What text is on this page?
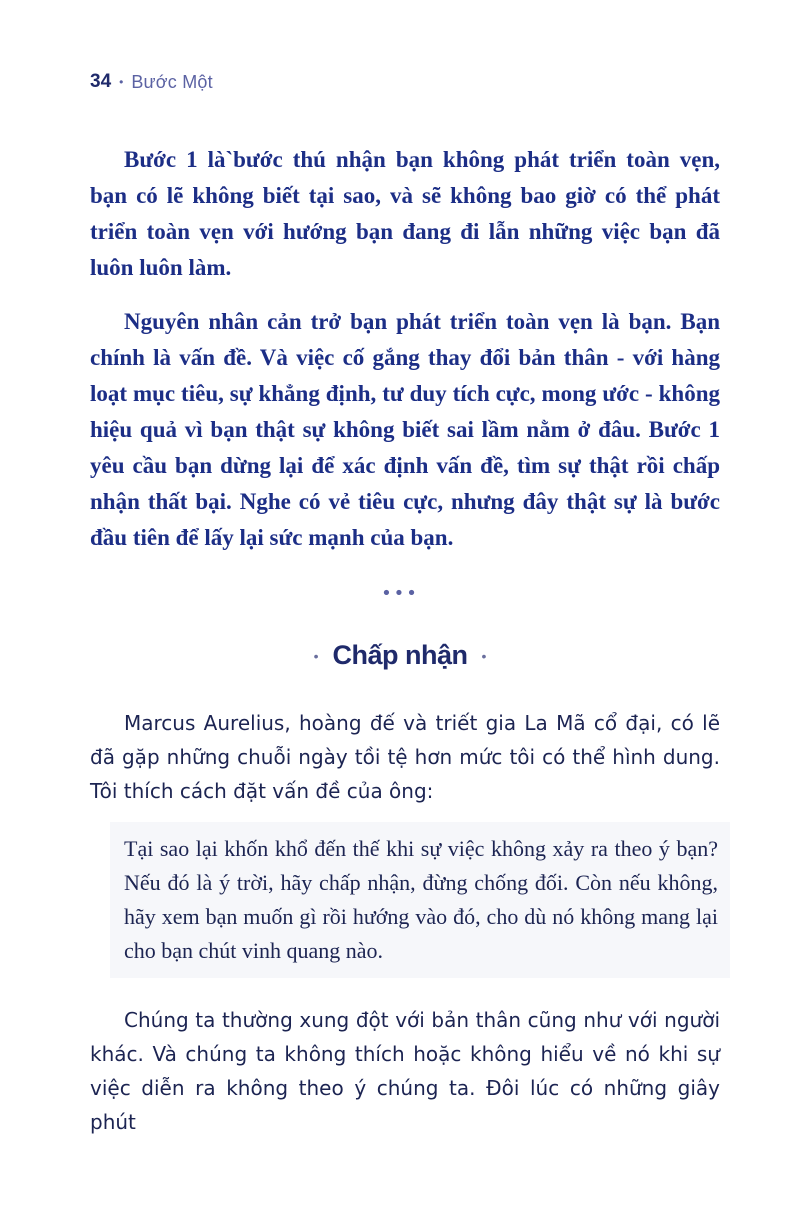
34 • Bước Một

Bước 1 là`bước thú nhận bạn không phát triển toàn vẹn, bạn có lẽ không biết tại sao, và sẽ không bao giờ có thể phát triển toàn vẹn với hướng bạn đang đi lẫn những việc bạn đã luôn luôn làm.

Nguyên nhân cản trở bạn phát triển toàn vẹn là bạn. Bạn chính là vấn đề. Và việc cố gắng thay đổi bản thân - với hàng loạt mục tiêu, sự khẳng định, tư duy tích cực, mong ước - không hiệu quả vì bạn thật sự không biết sai lầm nằm ở đâu. Bước 1 yêu cầu bạn dừng lại để xác định vấn đề, tìm sự thật rồi chấp nhận thất bại. Nghe có vẻ tiêu cực, nhưng đây thật sự là bước đầu tiên để lấy lại sức mạnh của bạn.

•••
• Chấp nhận •

Marcus Aurelius, hoàng đế và triết gia La Mã cổ đại, có lẽ đã gặp những chuỗi ngày tồi tệ hơn mức tôi có thể hình dung. Tôi thích cách đặt vấn đề của ông:

Tại sao lại khốn khổ đến thế khi sự việc không xảy ra theo ý bạn? Nếu đó là ý trời, hãy chấp nhận, đừng chống đối. Còn nếu không, hãy xem bạn muốn gì rồi hướng vào đó, cho dù nó không mang lại cho bạn chút vinh quang nào.

Chúng ta thường xung đột với bản thân cũng như với người khác. Và chúng ta không thích hoặc không hiểu về nó khi sự việc diễn ra không theo ý chúng ta. Đôi lúc có những giây phút
